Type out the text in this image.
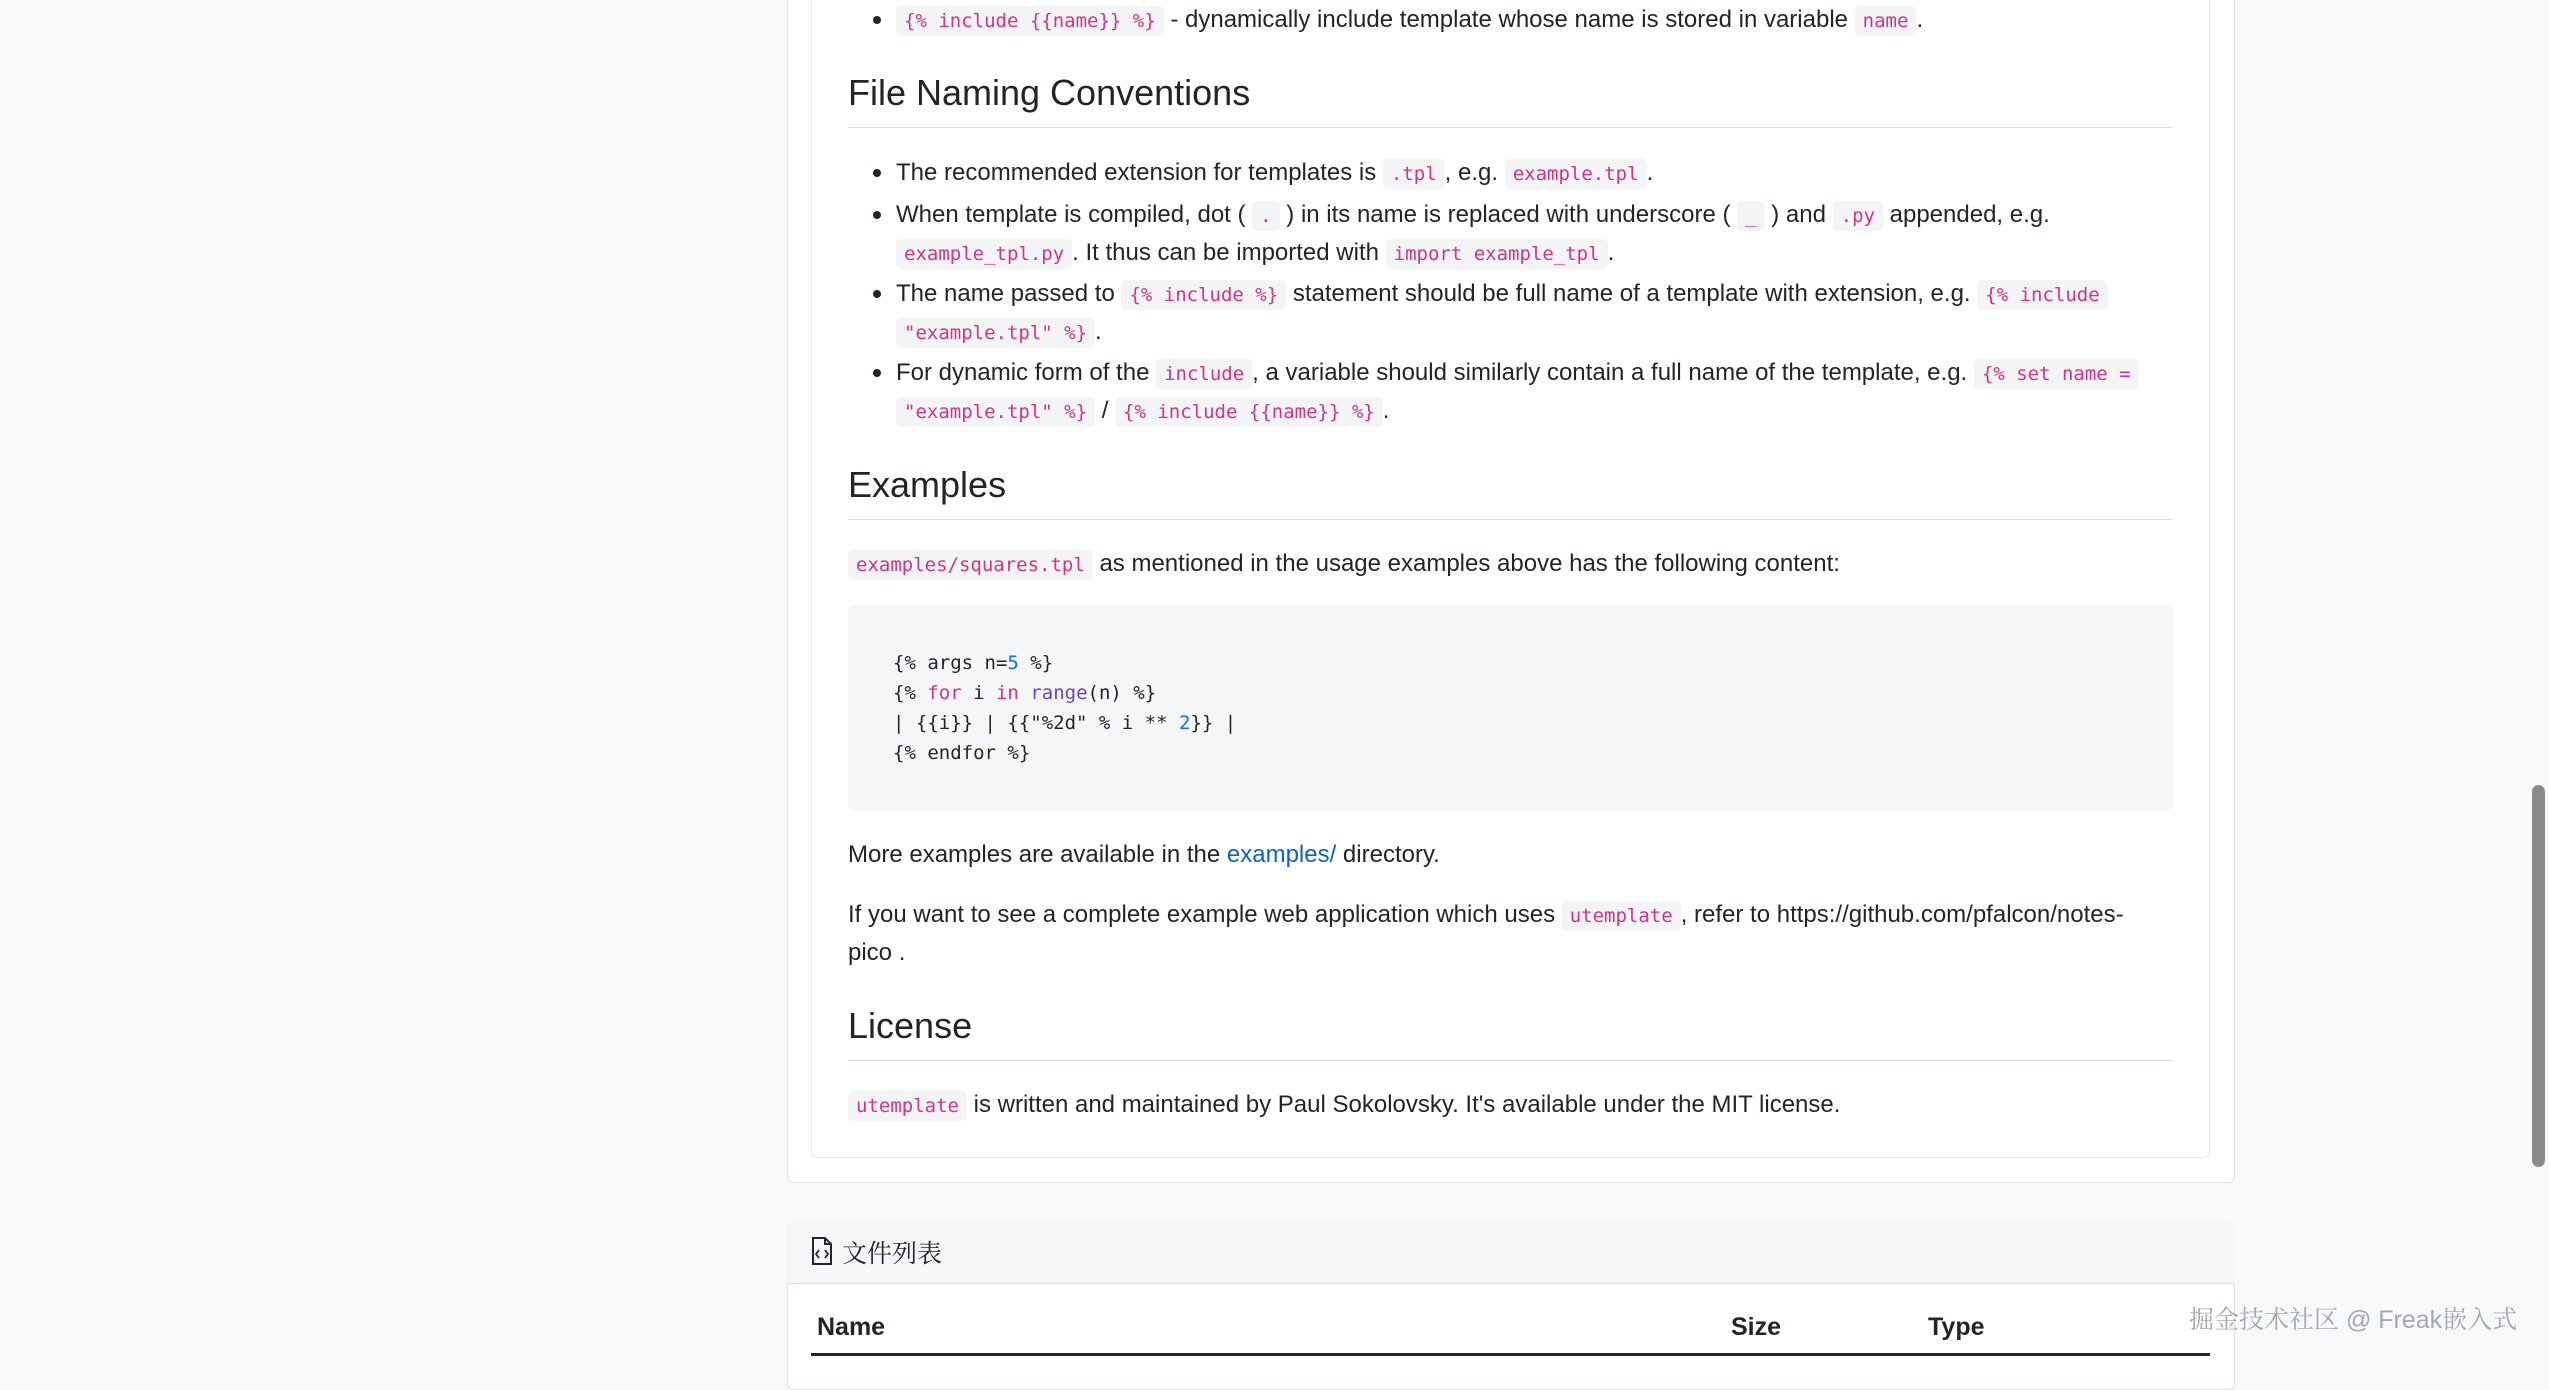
{% include {{name}} %} - dynamically include template whose name is stored in variable name .
File Naming Conventions
The recommended extension for templates is .tpl , e.g. example.tpl .
When template is compiled, dot ( . ) in its name is replaced with underscore ( _ ) and .py appended, e.g.
example_tpl.py . It thus can be imported with import example_tpl .
The name passed to {% include %} statement should be full name of a template with extension, e.g. {% include
"example.tpl" %} .
For dynamic form of the include , a variable should similarly contain a full name of the template, e.g. {% set name =
"example.tpl" %} / {% include {{name}} %} .
Examples
examples/squares.tpl as mentioned in the usage examples above has the following content:
{% args n=5 %}
{% for i in range(n) %}
| {{i}} | {{"%2d" % i ** 2}} |
{% endfor %}
More examples are available in the examples/ directory.
If you want to see a complete example web application which uses utemplate , refer to https://github.com/pfalcon/notes-
pico .
License
utemplate is written and maintained by Paul Sokolovsky. It's available under the MIT license.
文件列表
Name	Size	Type	掘金技术社区 @ Freak嵌入式
